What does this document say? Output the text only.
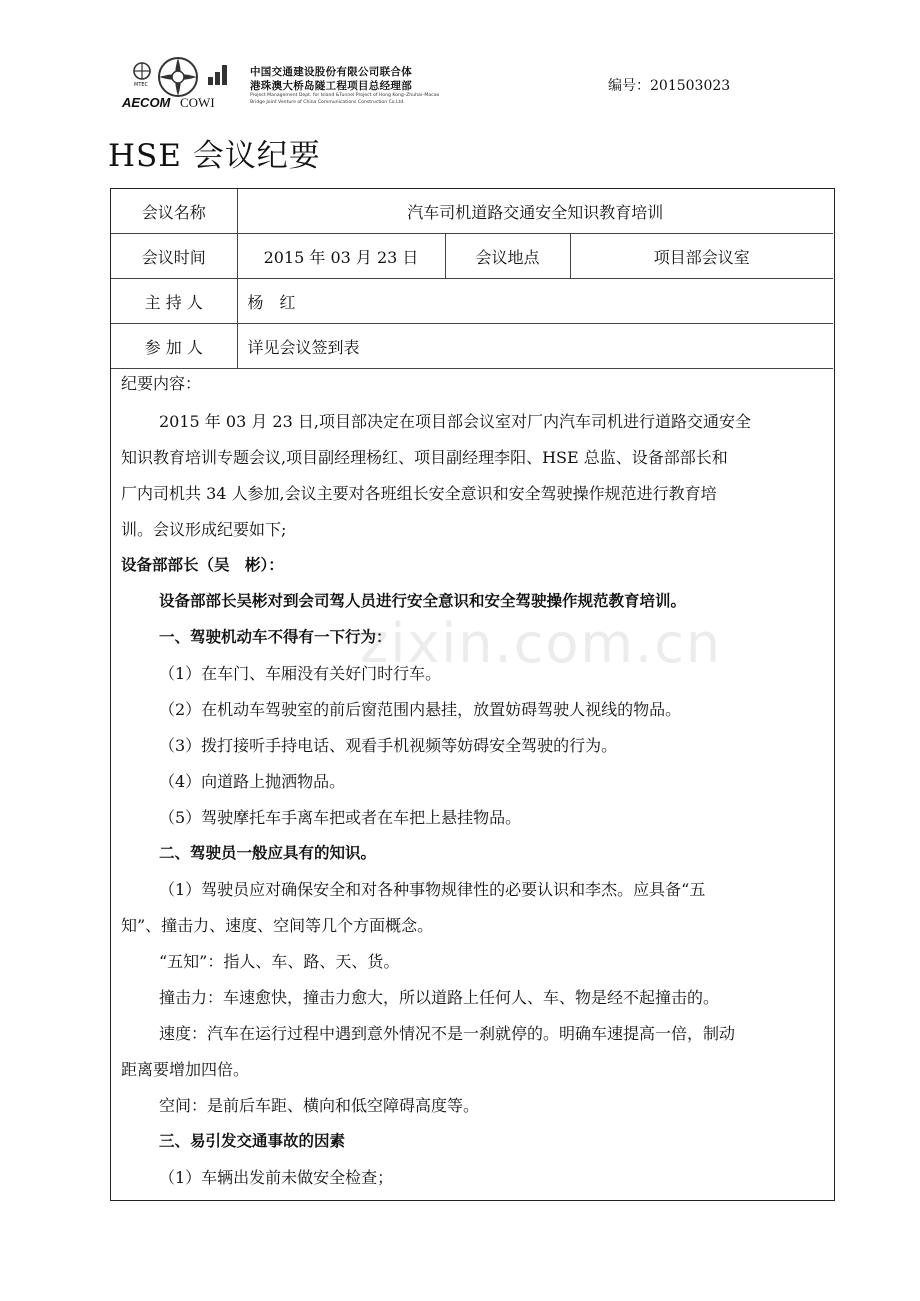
MTEC
AECOM COWI
中国交通建设股份有限公司联合体
港珠澳大桥岛隧工程项目总经理部
Project Management Dept. for Island &Tunnel Project of Hong Kong–Zhuhai–Macao
Bridge Joint Venture of China Communications Construction Co.Ltd.
编号：201503023
HSE 会议纪要
会议名称	汽车司机道路交通安全知识教育培训		
会议时间	2015 年 03 月 23 日	会议地点	项目部会议室
主 持 人	杨　红		
参 加 人	详见会议签到表		
纪要内容：
2015 年 03 月 23 日,项目部决定在项目部会议室对厂内汽车司机进行道路交通安全
知识教育培训专题会议,项目副经理杨红、项目副经理李阳、HSE 总监、设备部部长和
厂内司机共 34 人参加,会议主要对各班组长安全意识和安全驾驶操作规范进行教育培
训。会议形成纪要如下;
设备部部长（吴　彬）：
设备部部长吴彬对到会司驾人员进行安全意识和安全驾驶操作规范教育培训。
一、驾驶机动车不得有一下行为：
（1）在车门、车厢没有关好门时行车。
（2）在机动车驾驶室的前后窗范围内悬挂，放置妨碍驾驶人视线的物品。
（3）拨打接听手持电话、观看手机视频等妨碍安全驾驶的行为。
（4）向道路上抛洒物品。
（5）驾驶摩托车手离车把或者在车把上悬挂物品。
二、驾驶员一般应具有的知识。
（1）驾驶员应对确保安全和对各种事物规律性的必要认识和李杰。应具备“五
知”、撞击力、速度、空间等几个方面概念。
“五知”：指人、车、路、天、货。
撞击力：车速愈快，撞击力愈大，所以道路上任何人、车、物是经不起撞击的。
速度：汽车在运行过程中遇到意外情况不是一刹就停的。明确车速提高一倍，制动
距离要增加四倍。
空间：是前后车距、横向和低空障碍高度等。
三、易引发交通事故的因素
（1）车辆出发前未做安全检查；
zixin.com.cn
